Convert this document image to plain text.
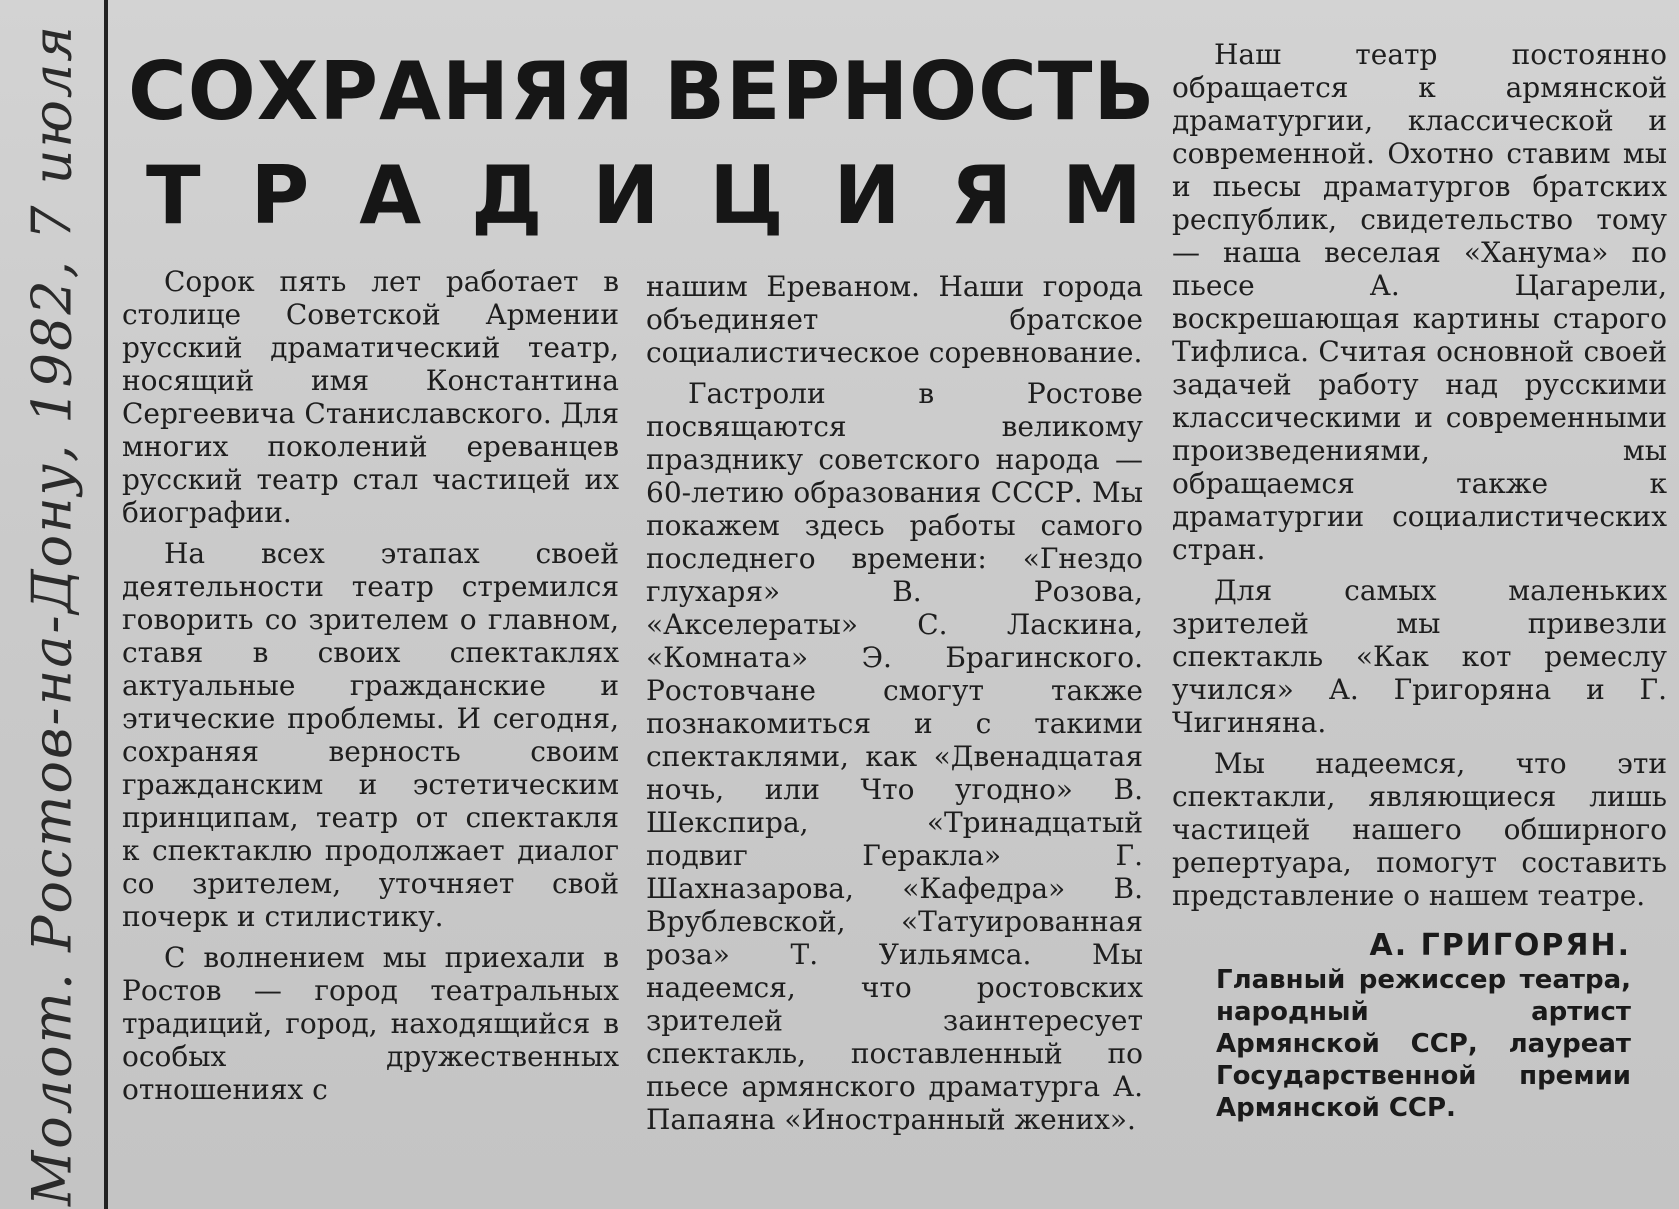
Молот. Ростов-на-Дону, 1982, 7 июля СОХРАНЯЯ ВЕРНОСТЬ
ТРАДИЦИЯМ

Сорок пять лет работает в столице Советской Армении русский драматический театр, носящий имя Константина Сергеевича Станиславского. Для многих поколений ереванцев русский театр стал частицей их биографии.

На всех этапах своей деятельности театр стремился говорить со зрителем о главном, ставя в своих спектаклях актуальные гражданские и этические проблемы. И сегодня, сохраняя верность своим гражданским и эстетическим принципам, театр от спектакля к спектаклю продолжает диалог со зрителем, уточняет свой почерк и стилистику.

С волнением мы приехали в Ростов — город театральных традиций, город, находящийся в особых дружественных отношениях с

нашим Ереваном. Наши города объединяет братское социалистическое соревнование.

Гастроли в Ростове посвящаются великому празднику советского народа — 60-летию образования СССР. Мы покажем здесь работы самого последнего времени: «Гнездо глухаря» В. Розова, «Акселераты» С. Ласкина, «Комната» Э. Брагинского. Ростовчане смогут также познакомиться и с такими спектаклями, как «Двенадцатая ночь, или Что угодно» В. Шекспира, «Тринадцатый подвиг Геракла» Г. Шахназарова, «Кафедра» В. Врублевской, «Татуированная роза» Т. Уильямса. Мы надеемся, что ростовских зрителей заинтересует спектакль, поставленный по пьесе армянского драматурга А. Папаяна «Иностранный жених».

Наш театр постоянно обращается к армянской драматургии, классической и современной. Охотно ставим мы и пьесы драматургов братских республик, свидетельство тому — наша веселая «Ханума» по пьесе А. Цагарели, воскрешающая картины старого Тифлиса. Считая основной своей задачей работу над русскими классическими и современными произведениями, мы обращаемся также к драматургии социалистических стран.

Для самых маленьких зрителей мы привезли спектакль «Как кот ремеслу учился» А. Григоряна и Г. Чигиняна.

Мы надеемся, что эти спектакли, являющиеся лишь частицей нашего обширного репертуара, помогут составить представление о нашем театре.

А. ГРИГОРЯН.
Главный режиссер театра, народный артист Армянской ССР, лауреат Государственной премии Армянской ССР.
